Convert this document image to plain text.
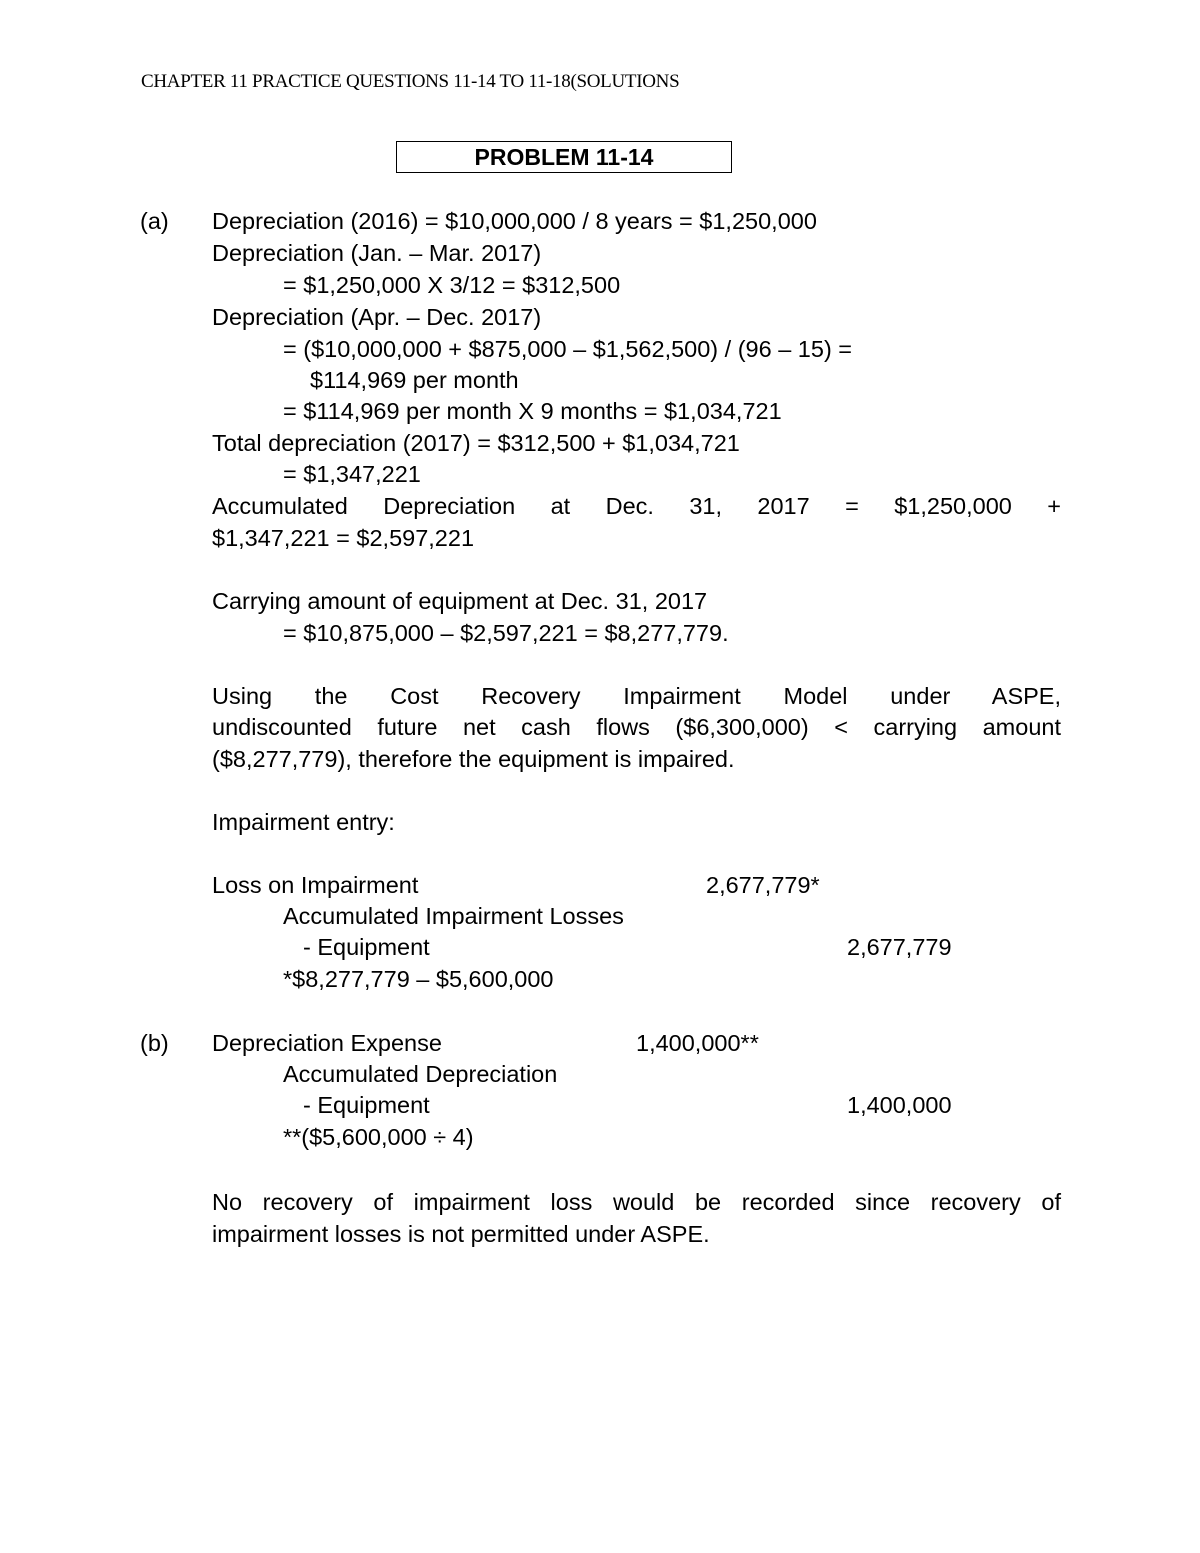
CHAPTER 11 PRACTICE QUESTIONS 11-14 TO 11-18(SOLUTIONS
PROBLEM 11-14
(a) Depreciation (2016) = $10,000,000 / 8 years = $1,250,000
Depreciation (Jan. – Mar. 2017)
= $1,250,000 X 3/12 = $312,500
Depreciation (Apr. – Dec. 2017)
= ($10,000,000 + $875,000 – $1,562,500) / (96 – 15) =
$114,969 per month
= $114,969 per month X 9 months = $1,034,721
Total depreciation (2017) = $312,500 + $1,034,721
= $1,347,221
Accumulated Depreciation at Dec. 31, 2017 = $1,250,000 +
$1,347,221 = $2,597,221
Carrying amount of equipment at Dec. 31, 2017
= $10,875,000 – $2,597,221 = $8,277,779.
Using the Cost Recovery Impairment Model under ASPE,
undiscounted future net cash flows ($6,300,000) < carrying amount
($8,277,779), therefore the equipment is impaired.
Impairment entry:
Loss on Impairment	2,677,779*
Accumulated Impairment Losses
- Equipment	2,677,779
*$8,277,779 – $5,600,000
(b) Depreciation Expense	1,400,000**
Accumulated Depreciation
- Equipment	1,400,000
**($5,600,000 ÷ 4)
No recovery of impairment loss would be recorded since recovery of
impairment losses is not permitted under ASPE.
